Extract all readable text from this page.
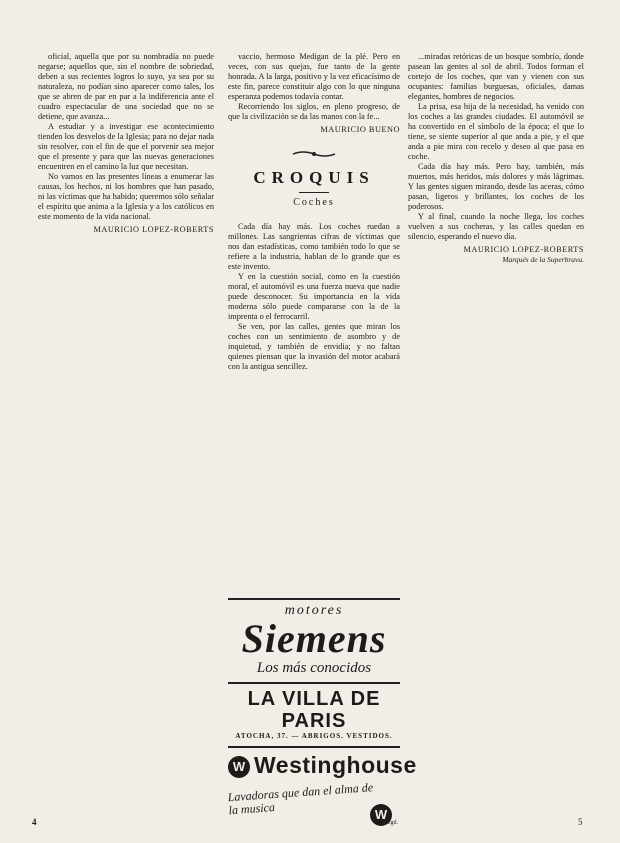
oficial, aquella que por su nombradía no puede negarse; aquellos que, sin el nombre de sobriedad, deben a sus recientes logros lo suyo, ya sea por su naturaleza, no podían sino aparecer como tales, los que se abren de par en par a la indiferencia ante el cuadro espectacular de una sociedad que no se detiene, que avanza...

A estudiar y a investigar ese acontecimiento tienden los desvelos de la Iglesia; para no dejar nada sin resolver, con el fin de que el porvenir sea mejor que el presente y para que las nuevas generaciones encuentren en el camino la luz que necesitan.

No vamos en las presentes líneas a enumerar las causas, los hechos, ni los hombres que han pasado, ni las víctimas que ha habido; queremos sólo señalar el espíritu que anima a la Iglesia y a los católicos en este momento de la vida nacional.

MAURICIO LOPEZ-ROBERTS

vaccio, hermoso Medigan de la plé. Pero en veces, con sus quejas, fue tanto de la gente honrada. A la larga, positivo y la vez eficacísimo de este fin, parece constituir algo con lo que ninguna esperanza podemos todavía contar.

Recorriendo los siglos, en pleno progreso, de que la civilización se da las manos con la fe...

MAURICIO BUENO

CROQUIS
Coches

Cada día hay más. Los coches ruedan a millones. Las sangrientas cifras de víctimas que nos dan estadísticas, como también todo lo que se refiere a la industria, hablan de lo grande que es este invento.

Y en la cuestión social, como en la cuestión moral, el automóvil es una fuerza nueva que nadie puede desconocer. Su importancia en la vida moderna sólo puede compararse con la de la imprenta o el ferrocarril.

Se ven, por las calles, gentes que miran los coches con un sentimiento de asombro y de inquietud, y también de envidia; y no faltan quienes piensan que la invasión del motor acabará con la antigua sencillez.

motores
Siemens
Los más conocidos
LA VILLA DE PARIS
ATOCHA, 37. — ABRIGOS. VESTIDOS.
W Westinghouse
Lavadoras que dan el alma de la musica	W
Regd.

...miradas retóricas de un bosque sombrío, donde pasean las gentes al sol de abril. Todos forman el cortejo de los coches, que van y vienen con sus ocupantes: familias burguesas, oficiales, damas elegantes, hombres de negocios.

La prisa, esa hija de la necesidad, ha venido con los coches a las grandes ciudades. El automóvil se ha convertido en el símbolo de la época; el que lo tiene, se siente superior al que anda a pie, y el que anda a pie mira con recelo y deseo al que pasa en coche.

Cada día hay más. Pero hay, también, más muertos, más heridos, más dolores y más lágrimas. Y las gentes siguen mirando, desde las aceras, cómo pasan, ligeros y brillantes, los coches de los poderosos.

Y al final, cuando la noche llega, los coches vuelven a sus cocheras, y las calles quedan en silencio, esperando el nuevo día.

MAURICIO LOPEZ-ROBERTS

Marqués de la Superbrava.

4	5
